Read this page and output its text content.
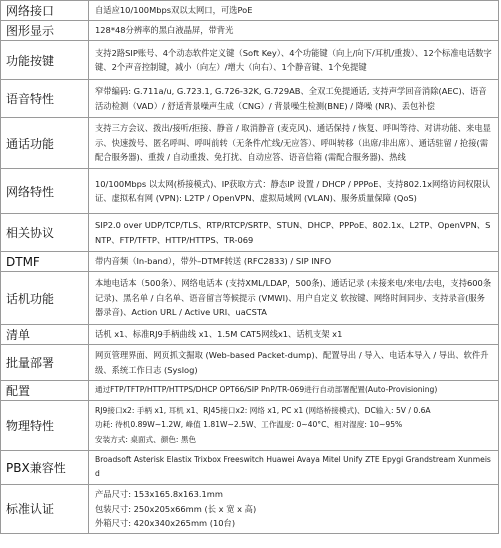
网络接口	自适应10/100Mbps双以太网口，可选PoE
图形显示	128*48分辨率的黑白液晶屏，带背光
功能按键	支持2路SIP账号、4个动态软件定义键（Soft Key）、4个功能键（向上/向下/耳机/重拨）、12个标准电话数字键、2个声音控制键，减小（向左）/增大（向右）、1个静音键、1个免提键
语音特性	窄带编码: G.711a/u, G.723.1, G.726-32K, G.729AB、全双工免提通话, 支持声学回音消除(AEC)、语音活动检测（VAD）/ 舒适背景噪声生成（CNG）/ 背景噪生检测(BNE) / 降噪 (NR)、丢包补偿
通话功能	支持三方会议、拨出/接听/拒接、静音 / 取消静音 (麦克风)、通话保持 / 恢复、呼叫等待、对讲功能、来电显示、快速拨号、匿名呼叫、呼叫前转（无条件/忙线/无应答）、呼叫转移（出席/非出席）、通话驻留 / 抢接(需配合服务器)、重拨 / 自动重拨、免打扰、自动应答、语音信箱 (需配合服务器)、热线
网络特性	10/100Mbps 以太网(桥接模式)、IP获取方式：静态IP 设置 / DHCP / PPPoE、支持802.1x网络访问权限认证、虚拟私有网 (VPN): L2TP / OpenVPN、虚拟局域网 (VLAN)、服务质量保障 (QoS)
相关协议	SIP2.0 over UDP/TCP/TLS、RTP/RTCP/SRTP、STUN、DHCP、PPPoE、802.1x、L2TP、OpenVPN、SNTP、FTP/TFTP、HTTP/HTTPS、TR-069
DTMF	带内音频（In-band），带外–DTMF转送 (RFC2833) / SIP INFO
话机功能	本地电话本（500条）、网络电话本 (支持XML/LDAP，500条)、通话记录 (未接来电/来电/去电，支持600条记录)、黑名单 / 白名单、语音留言等候提示 (VMWI)、用户自定义 软按键、网络时间同步、支持录音(服务器录音)、Action URL / Active URI、uaCSTA
清单	话机 x1、标准RJ9手柄曲线 x1、1.5M CAT5网线x1、话机支架 x1
批量部署	网页管理界面、网页抓文掘取 (Web-based Packet-dump)、配置导出 / 导入、电话本导入 / 导出、软件升级、系统工作日志 (Syslog)
配置	通过FTP/TFTP/HTTP/HTTPS/DHCP OPT66/SIP PnP/TR-069进行自动部署配置(Auto-Provisioning)
物理特性	RJ9接口x2: 手柄 x1, 耳机 x1、RJ45接口x2: 网络 x1, PC x1 (网络桥接模式)、DC输入: 5V / 0.6A
功耗: 待机0.89W~1.2W, 峰值 1.81W~2.5W、工作温度: 0~40°C、相对湿度: 10~95%
安装方式: 桌面式、颜色: 黑色
PBX兼容性	Broadsoft Asterisk Elastix Trixbox Freeswitch Huawei Avaya Mitel Unify ZTE Epygi Grandstream Xunmeisd
标准认证	产品尺寸: 153x165.8x163.1mm
包装尺寸: 250x205x66mm (长 x 宽 x 高)
外箱尺寸: 420x340x265mm (10台)
